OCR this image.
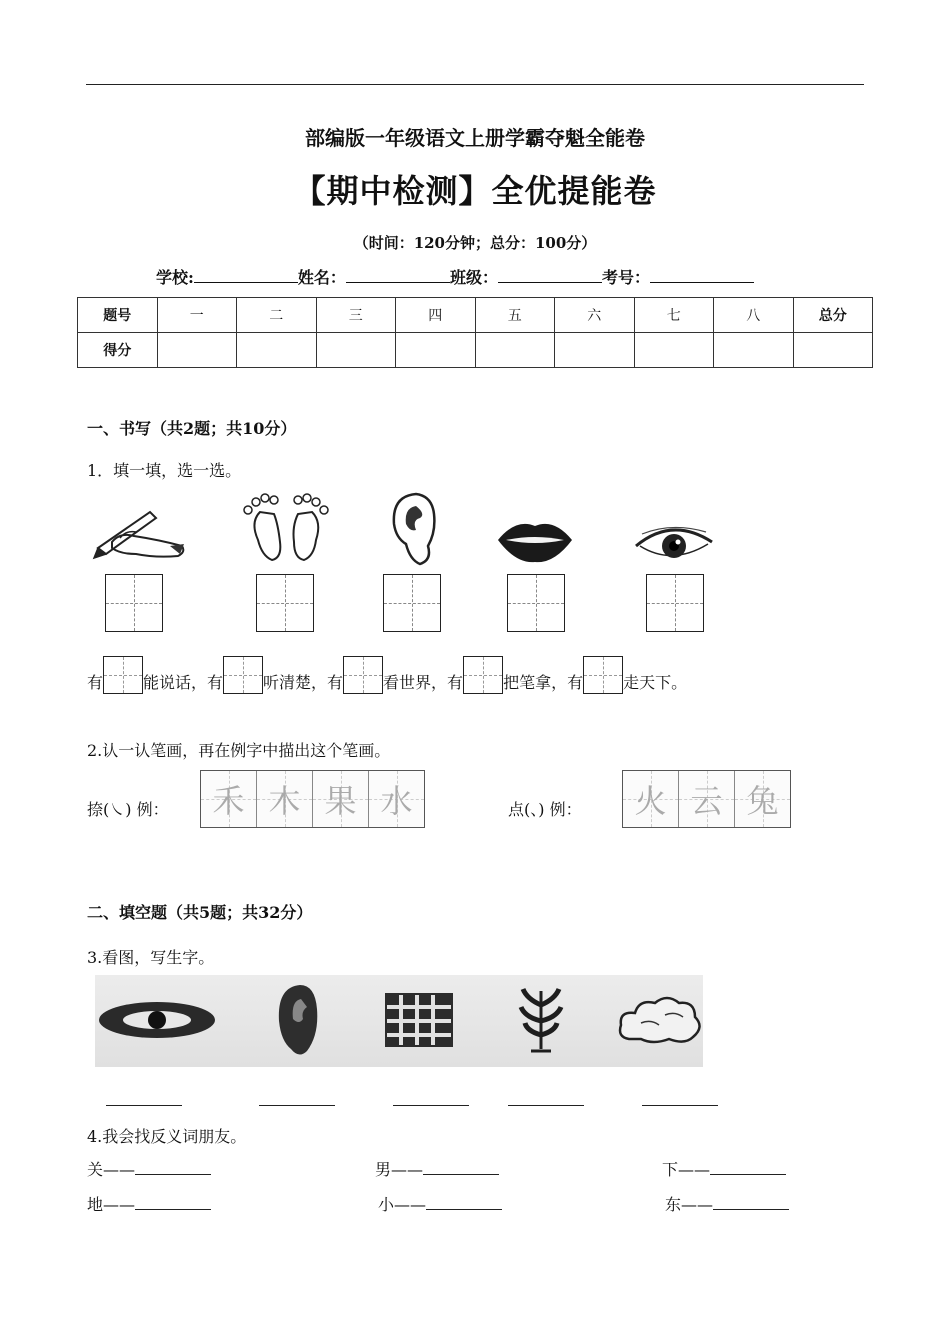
部编版一年级语文上册学霸夺魁全能卷
【期中检测】全优提能卷
（时间：120分钟；总分：100分）
学校:	姓名：	班级：	考号：
题号	一	二	三	四	五	六	七	八	总分
得分									
一、书写（共2题；共10分）
1．填一填，选一选。
有	能说话，有	听清楚，有	看世界，有	把笔拿，有	走天下。
2.认一认笔画，再在例字中描出这个笔画。
捺(㇏) 例： 禾 木 果 水	点(、) 例： 火 云 兔
二、填空题（共5题；共32分）
3.看图，写生字。
4.我会找反义词朋友。
关——	男——	下——
地——	小——	东——
